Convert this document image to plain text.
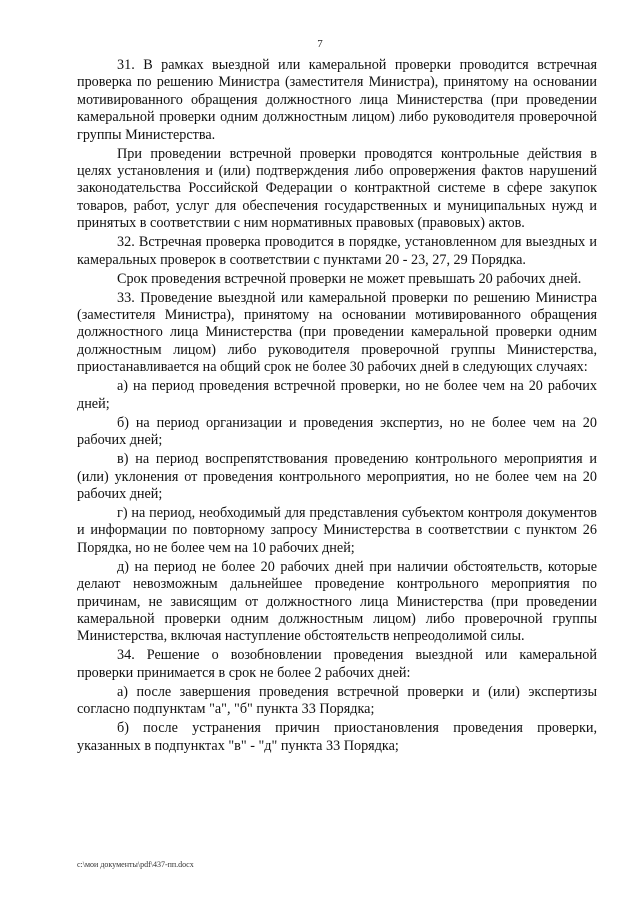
7

31. В рамках выездной или камеральной проверки проводится встречная проверка по решению Министра (заместителя Министра), принятому на основании мотивированного обращения должностного лица Министерства (при проведении камеральной проверки одним должностным лицом) либо руководителя проверочной группы Министерства.

При проведении встречной проверки проводятся контрольные действия в целях установления и (или) подтверждения либо опровержения фактов нарушений законодательства Российской Федерации о контрактной системе в сфере закупок товаров, работ, услуг для обеспечения государственных и муниципальных нужд и принятых в соответствии с ним нормативных правовых (правовых) актов.

32. Встречная проверка проводится в порядке, установленном для выездных и камеральных проверок в соответствии с пунктами 20 - 23, 27, 29 Порядка.

Срок проведения встречной проверки не может превышать 20 рабочих дней.

33. Проведение выездной или камеральной проверки по решению Министра (заместителя Министра), принятому на основании мотивированного обращения должностного лица Министерства (при проведении камеральной проверки одним должностным лицом) либо руководителя проверочной группы Министерства, приостанавливается на общий срок не более 30 рабочих дней в следующих случаях:

а) на период проведения встречной проверки, но не более чем на 20 рабочих дней;

б) на период организации и проведения экспертиз, но не более чем на 20 рабочих дней;

в) на период воспрепятствования проведению контрольного мероприятия и (или) уклонения от проведения контрольного мероприятия, но не более чем на 20 рабочих дней;

г) на период, необходимый для представления субъектом контроля документов и информации по повторному запросу Министерства в соответствии с пунктом 26 Порядка, но не более чем на 10 рабочих дней;

д) на период не более 20 рабочих дней при наличии обстоятельств, которые делают невозможным дальнейшее проведение контрольного мероприятия по причинам, не зависящим от должностного лица Министерства (при проведении камеральной проверки одним должностным лицом) либо проверочной группы Министерства, включая наступление обстоятельств непреодолимой силы.

34. Решение о возобновлении проведения выездной или камеральной проверки принимается в срок не более 2 рабочих дней:

а) после завершения проведения встречной проверки и (или) экспертизы согласно подпунктам "а", "б" пункта 33 Порядка;

б) после устранения причин приостановления проведения проверки, указанных в подпунктах "в" - "д" пункта 33 Порядка;

c:\мои документы\pdf\437-пп.docx
